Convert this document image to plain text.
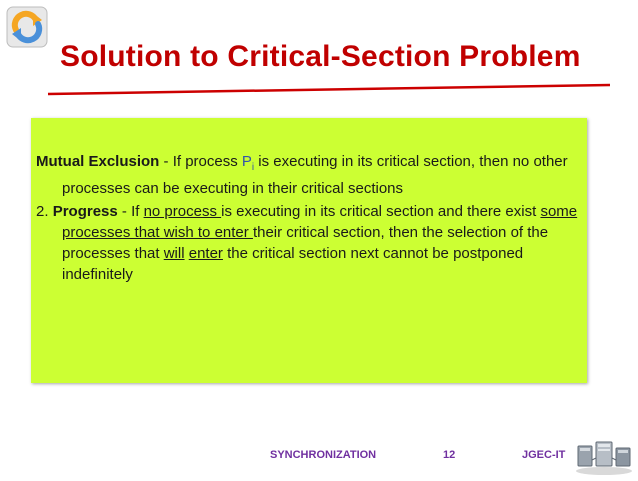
Solution to Critical-Section Problem

Mutual Exclusion - If process $P_i$ is executing in its critical section, then no other processes can be executing in their critical sections

2. Progress - If no process is executing in its critical section and there exist some processes that wish to enter their critical section, then the selection of the processes that will enter the critical section next cannot be postponed indefinitely

SYNCHRONIZATION	12	JGEC-IT
